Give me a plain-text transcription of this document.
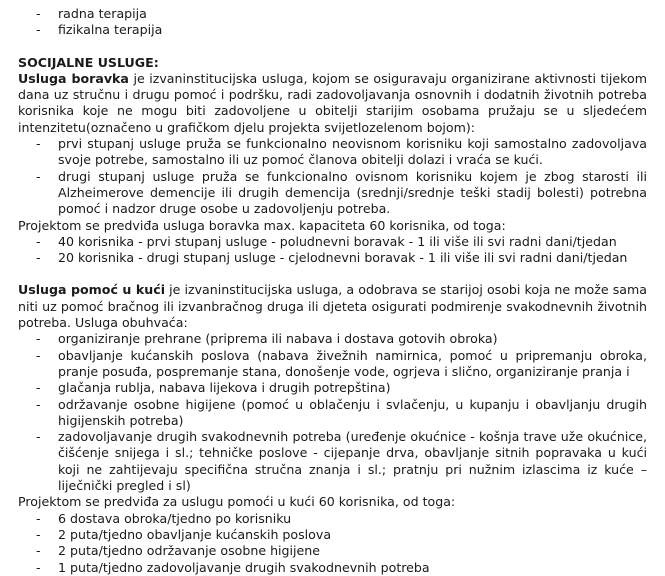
- radna terapija
- fizikalna terapija

SOCIJALNE USLUGE:

Usluga boravka je izvaninstitucijska usluga, kojom se osiguravaju organizirane aktivnosti tijekom dana uz stručnu i drugu pomoć i podršku, radi zadovoljavanja osnovnih i dodatnih životnih potreba korisnika koje ne mogu biti zadovoljene u obitelji starijim osobama pružaju se u sljedećem intenzitetu(označeno u grafičkom djelu projekta svijetlozelenom bojom):

- prvi stupanj usluge pruža se funkcionalno neovisnom korisniku koji samostalno zadovoljava svoje potrebe, samostalno ili uz pomoć članova obitelji dolazi i vraća se kući.
- drugi stupanj usluge pruža se funkcionalno ovisnom korisniku kojem je zbog starosti ili Alzheimerove demencije ili drugih demencija (srednji/srednje teški stadij bolesti) potrebna pomoć i nadzor druge osobe u zadovoljenju potreba.

Projektom se predviđa usluga boravka max. kapaciteta 60 korisnika, od toga:

- 40 korisnika - prvi stupanj usluge - poludnevni boravak - 1 ili više ili svi radni dani/tjedan
- 20 korisnika - drugi stupanj usluge - cjelodnevni boravak - 1 ili više ili svi radni dani/tjedan

Usluga pomoć u kući je izvaninstitucijska usluga, a odobrava se starijoj osobi koja ne može sama niti uz pomoć bračnog ili izvanbračnog druga ili djeteta osigurati podmirenje svakodnevnih životnih potreba. Usluga obuhvaća:

- organiziranje prehrane (priprema ili nabava i dostava gotovih obroka)
- obavljanje kućanskih poslova (nabava živežnih namirnica, pomoć u pripremanju obroka, pranje posuđa, pospremanje stana, donošenje vode, ogrjeva i slično, organiziranje pranja i
- glačanja rublja, nabava lijekova i drugih potrepština)
- održavanje osobne higijene (pomoć u oblačenju i svlačenju, u kupanju i obavljanju drugih higijenskih potreba)
- zadovoljavanje drugih svakodnevnih potreba (uređenje okućnice - košnja trave uže okućnice, čišćenje snijega i sl.; tehničke poslove - cijepanje drva, obavljanje sitnih popravaka u kući koji ne zahtijevaju specifična stručna znanja i sl.; pratnju pri nužnim izlascima iz kuće – liječnički pregled i sl)

Projektom se predviđa za uslugu pomoći u kući 60 korisnika, od toga:

- 6 dostava obroka/tjedno po korisniku
- 2 puta/tjedno obavljanje kućanskih poslova
- 2 puta/tjedno održavanje osobne higijene
- 1 puta/tjedno zadovoljavanje drugih svakodnevnih potreba
